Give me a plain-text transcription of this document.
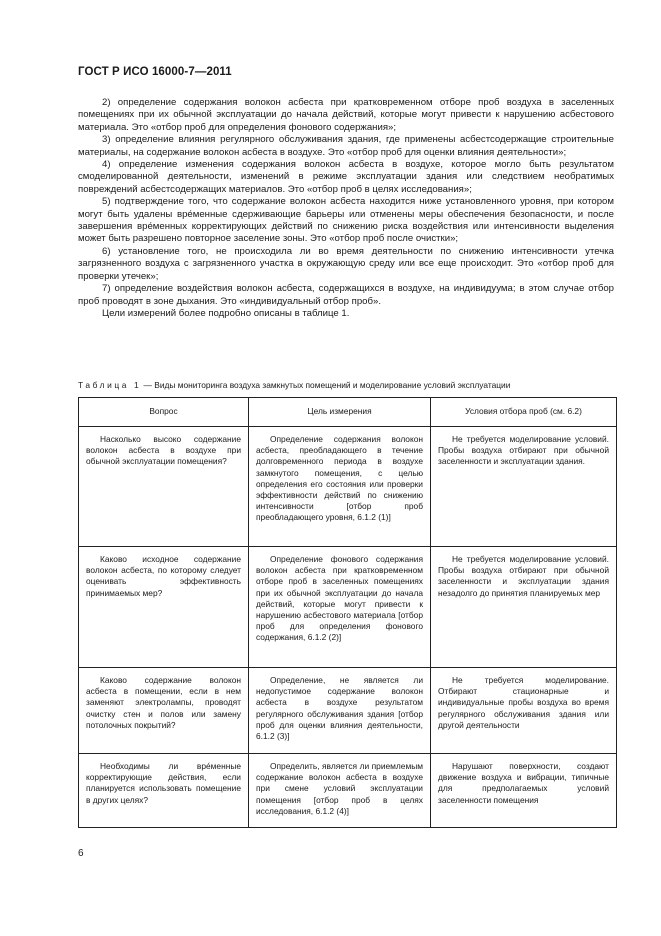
ГОСТ Р ИСО 16000-7—2011

2) определение содержания волокон асбеста при кратковременном отборе проб воздуха в заселенных помещениях при их обычной эксплуатации до начала действий, которые могут привести к нарушению асбестового материала. Это «отбор проб для определения фонового содержания»;

3) определение влияния регулярного обслуживания здания, где применены асбестсодержащие строительные материалы, на содержание волокон асбеста в воздухе. Это «отбор проб для оценки влияния деятельности»;

4) определение изменения содержания волокон асбеста в воздухе, которое могло быть результатом смоделированной деятельности, изменений в режиме эксплуатации здания или следствием необратимых повреждений асбестсодержащих материалов. Это «отбор проб в целях исследования»;

5) подтверждение того, что содержание волокон асбеста находится ниже установленного уровня, при котором могут быть удалены вре́менные сдерживающие барьеры или отменены меры обеспечения безопасности, и после завершения вре́менных корректирующих действий по снижению риска воздействия или интенсивности выделения может быть разрешено повторное заселение зоны. Это «отбор проб после очистки»;

6) установление того, не происходила ли во время деятельности по снижению интенсивности утечка загрязненного воздуха с загрязненного участка в окружающую среду или все еще происходит. Это «отбор проб для проверки утечек»;

7) определение воздействия волокон асбеста, содержащихся в воздухе, на индивидуума; в этом случае отбор проб проводят в зоне дыхания. Это «индивидуальный отбор проб».

Цели измерений более подробно описаны в таблице 1.

Таблица 1 — Виды мониторинга воздуха замкнутых помещений и моделирование условий эксплуатации
Вопрос	Цель измерения	Условия отбора проб (см. 6.2)
Насколько высоко содержание волокон асбеста в воздухе при обычной эксплуатации помещения?	Определение содержания волокон асбеста, преобладающего в течение долговременного периода в воздухе замкнутого помещения, с целью определения его состояния или проверки эффективности действий по снижению интенсивности [отбор проб преобладающего уровня, 6.1.2 (1)]	Не требуется моделирование условий. Пробы воздуха отбирают при обычной заселенности и эксплуатации здания.
Каково исходное содержание волокон асбеста, по которому следует оценивать эффективность принимаемых мер?	Определение фонового содержания волокон асбеста при кратковременном отборе проб в заселенных помещениях при их обычной эксплуатации до начала действий, которые могут привести к нарушению асбестового материала [отбор проб для определения фонового содержания, 6.1.2 (2)]	Не требуется моделирование условий. Пробы воздуха отбирают при обычной заселенности и эксплуатации здания незадолго до принятия планируемых мер
Каково содержание волокон асбеста в помещении, если в нем заменяют электролампы, проводят очистку стен и полов или замену потолочных покрытий?	Определение, не является ли недопустимое содержание волокон асбеста в воздухе результатом регулярного обслуживания здания [отбор проб для оценки влияния деятельности, 6.1.2 (3)]	Не требуется моделирование. Отбирают стационарные и индивидуальные пробы воздуха во время регулярного обслуживания здания или другой деятельности
Необходимы ли вре́менные корректирующие действия, если планируется использовать помещение в других целях?	Определить, является ли приемлемым содержание волокон асбеста в воздухе при смене условий эксплуатации помещения [отбор проб в целях исследования, 6.1.2 (4)]	Нарушают поверхности, создают движение воздуха и вибрации, типичные для предполагаемых условий заселенности помещения
6
